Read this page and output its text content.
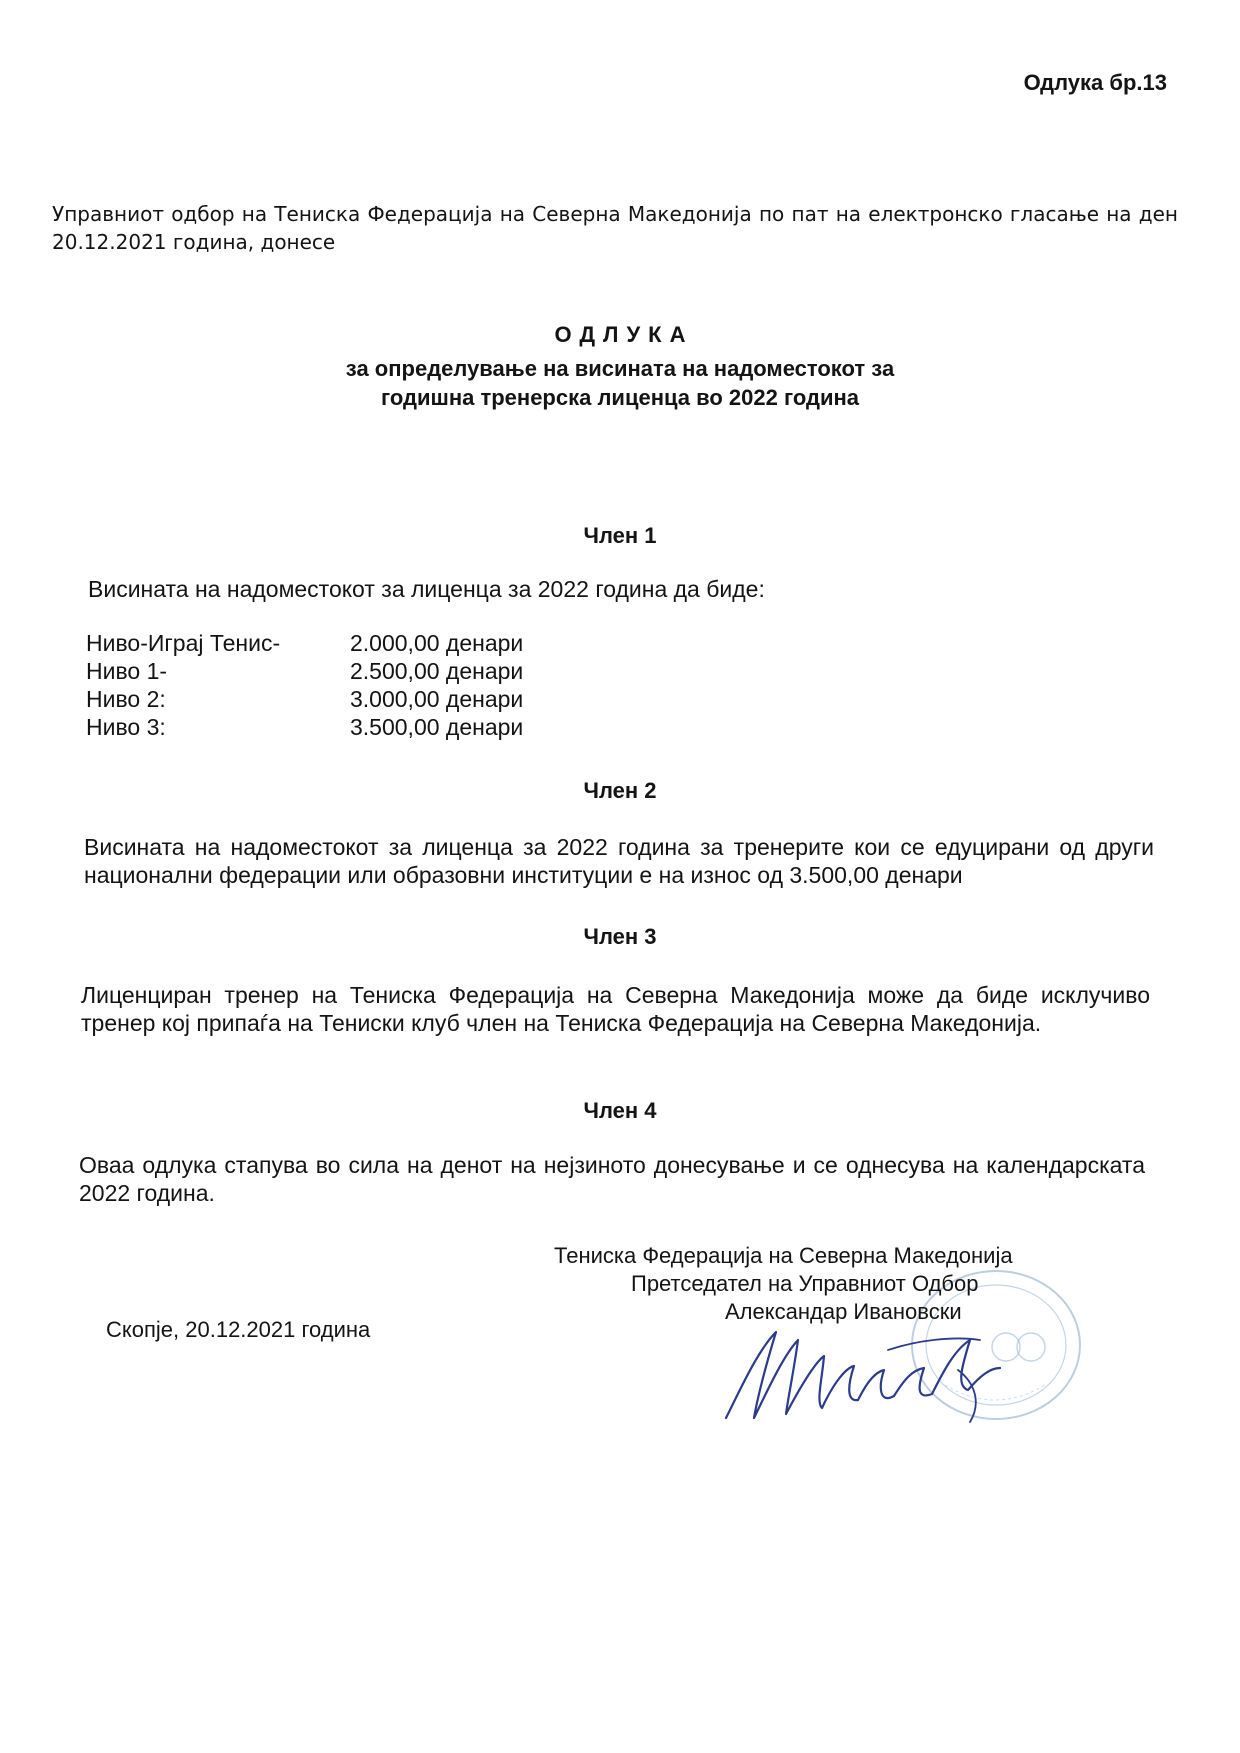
Одлука бр.13
Управниот одбор на Тениска Федерација на Северна Македонија по пат на електронско гласање на ден 20.12.2021 година, донесе
ОДЛУКА
за определување на висината на надоместокот за
годишна тренерска лиценца во 2022 година
Член 1
Висината на надоместокот за лиценца за 2022 година да биде:
Ниво-Играј Тенис-	2.000,00 денари
Ниво 1-	2.500,00 денари
Ниво 2:	3.000,00 денари
Ниво 3:	3.500,00 денари
Член 2
Висината на надоместокот за лиценца за 2022 година за тренерите кои се едуцирани од други национални федерации или образовни институции е на износ од 3.500,00 денари
Член 3
Лиценциран тренер на Тениска Федерација на Северна Македонија може да биде исклучиво тренер кој припаѓа на Тениски клуб член на Тениска Федерација на Северна Македонија.
Член 4
Оваа одлука стапува во сила на денот на нејзиното донесување и се однесува на календарската 2022 година.
Тениска Федерација на Северна Македонија
Претседател на Управниот Одбор
Александар Ивановски
Скопје, 20.12.2021 година
